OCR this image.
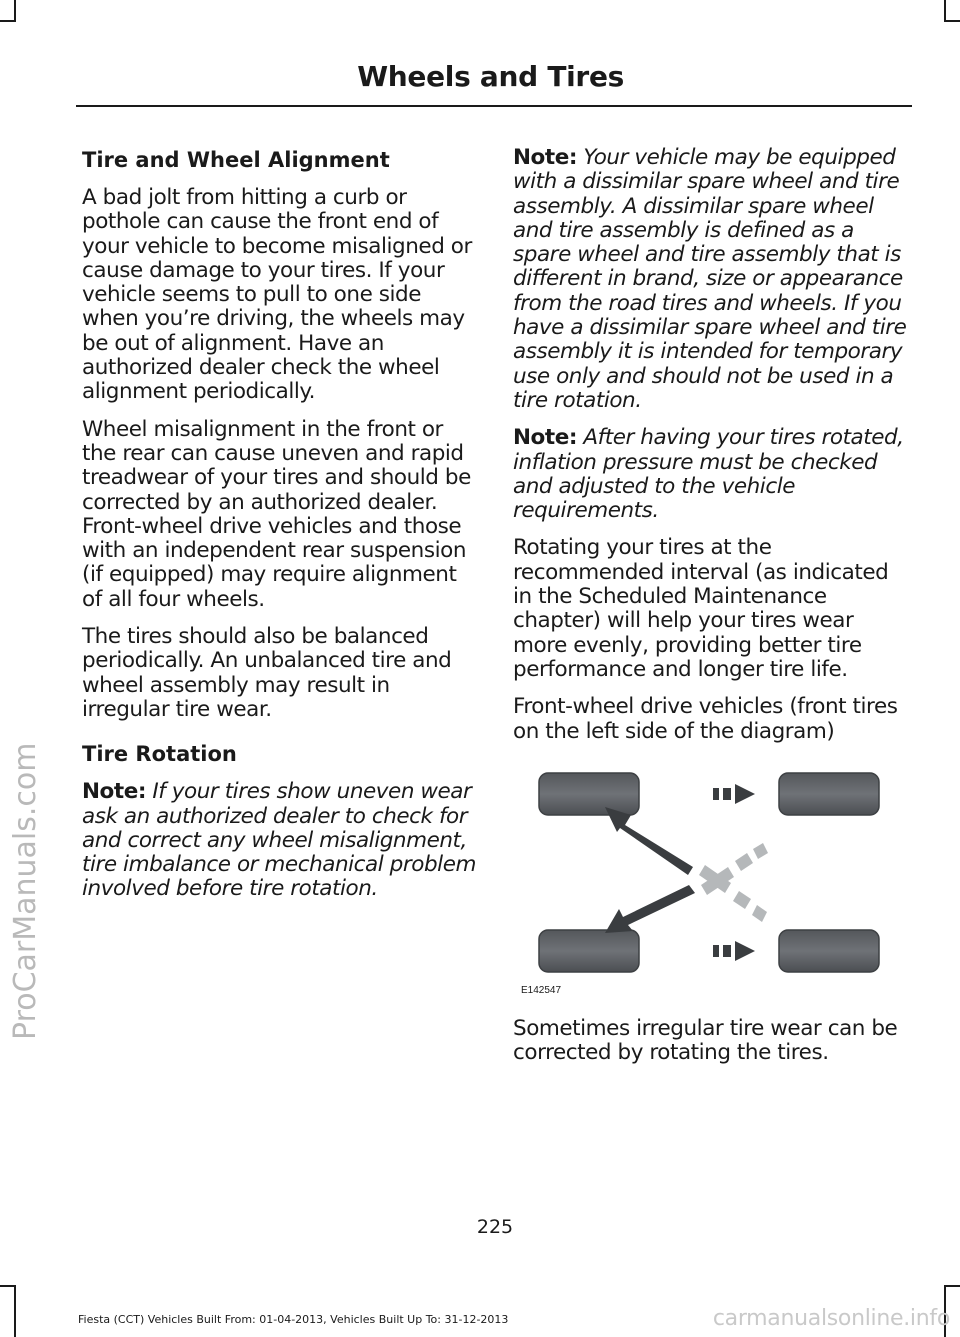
Wheels and Tires
ProCarManuals.com
Tire and Wheel Alignment

A bad jolt from hitting a curb or pothole can cause the front end of your vehicle to become misaligned or cause damage to your tires. If your vehicle seems to pull to one side when you’re driving, the wheels may be out of alignment. Have an authorized dealer check the wheel alignment periodically.

Wheel misalignment in the front or the rear can cause uneven and rapid treadwear of your tires and should be corrected by an authorized dealer. Front-wheel drive vehicles and those with an independent rear suspension (if equipped) may require alignment of all four wheels.

The tires should also be balanced periodically. An unbalanced tire and wheel assembly may result in irregular tire wear.

Tire Rotation

Note: If your tires show uneven wear ask an authorized dealer to check for and correct any wheel misalignment, tire imbalance or mechanical problem involved before tire rotation.

Note: Your vehicle may be equipped with a dissimilar spare wheel and tire assembly. A dissimilar spare wheel and tire assembly is defined as a spare wheel and tire assembly that is different in brand, size or appearance from the road tires and wheels. If you have a dissimilar spare wheel and tire assembly it is intended for temporary use only and should not be used in a tire rotation.

Note: After having your tires rotated, inflation pressure must be checked and adjusted to the vehicle requirements.

Rotating your tires at the recommended interval (as indicated in the Scheduled Maintenance chapter) will help your tires wear more evenly, providing better tire performance and longer tire life.

Front-wheel drive vehicles (front tires on the left side of the diagram)

E142547

Sometimes irregular tire wear can be corrected by rotating the tires.

225
Fiesta (CCT) Vehicles Built From: 01-04-2013, Vehicles Built Up To: 31-12-2013	carmanualsonline.info
